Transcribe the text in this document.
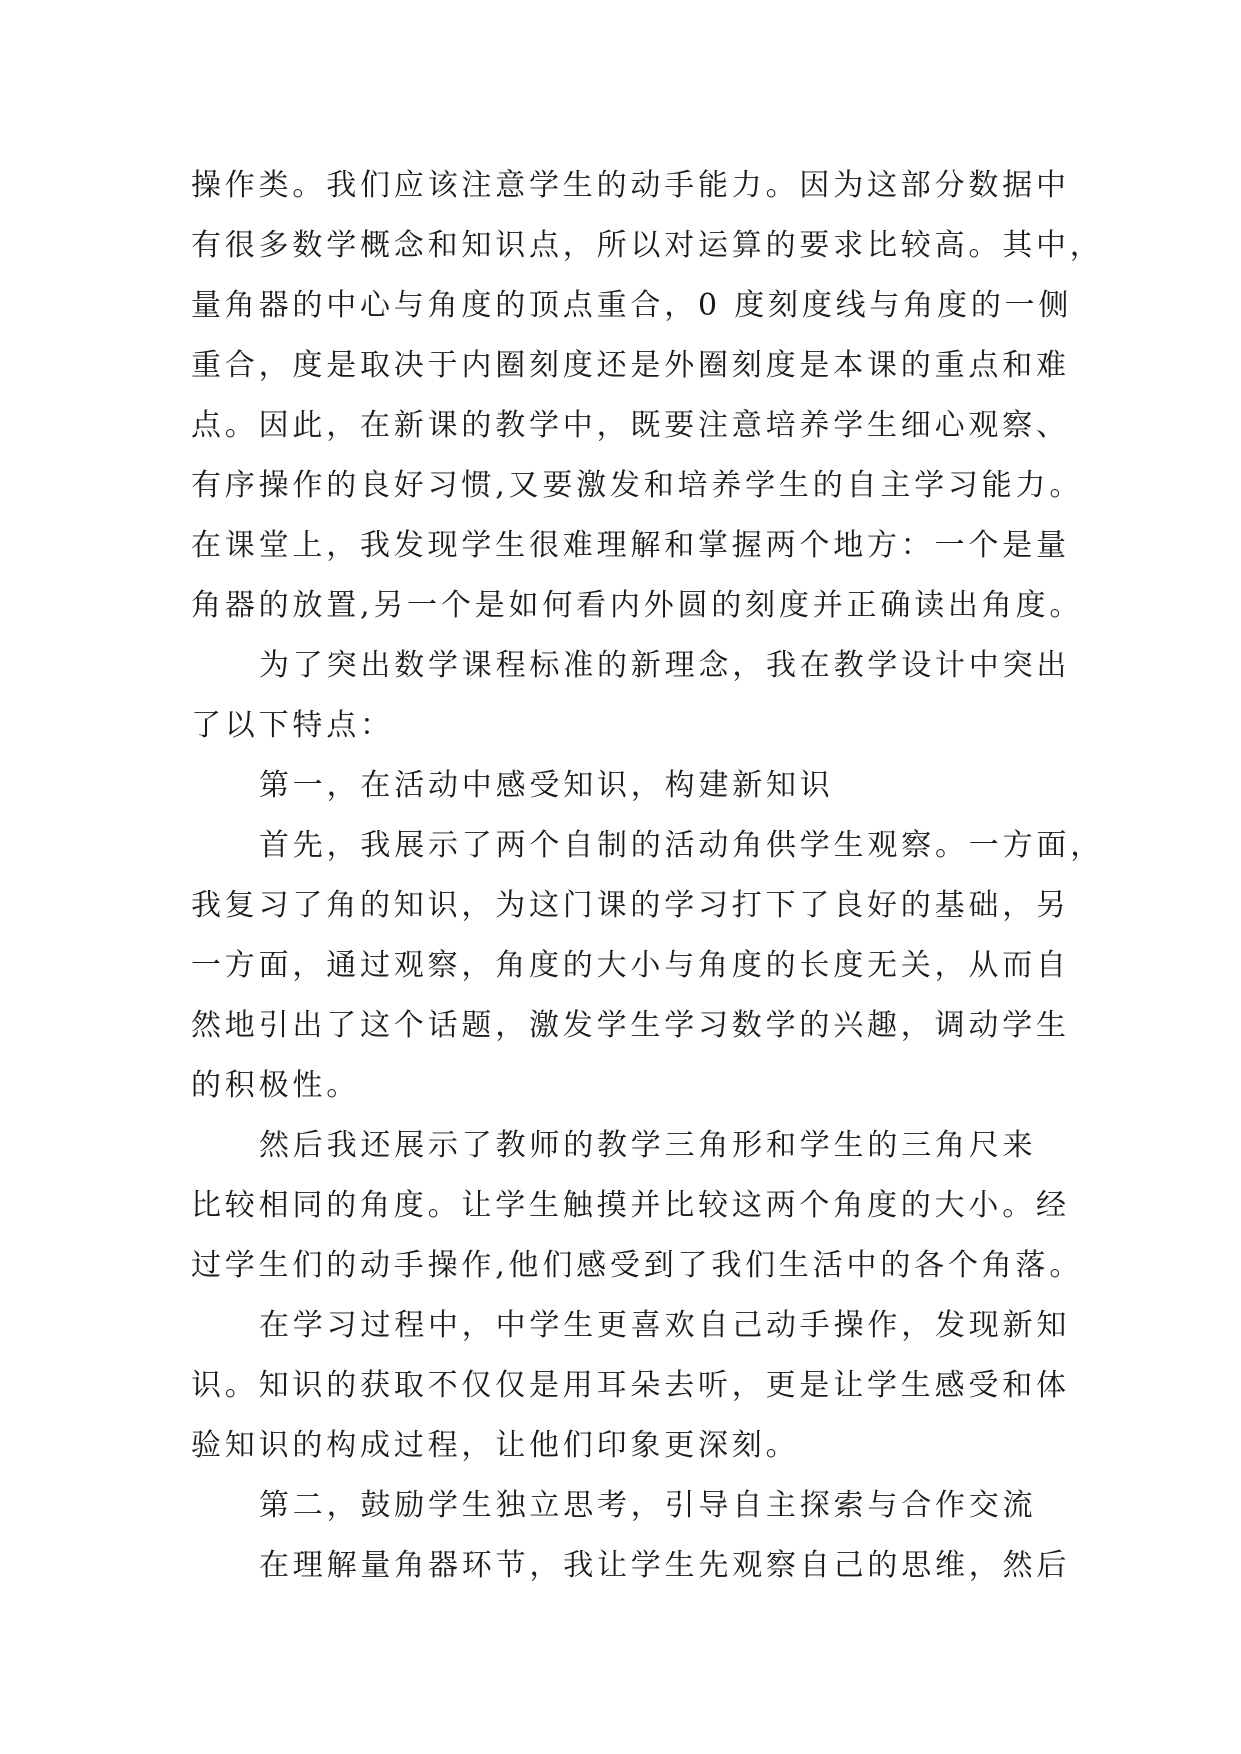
操作类。我们应该注意学生的动手能力。因为这部分数据中
有很多数学概念和知识点，所以对运算的要求比较高。其中，
量角器的中心与角度的顶点重合，0 度刻度线与角度的一侧
重合，度是取决于内圈刻度还是外圈刻度是本课的重点和难
点。因此，在新课的教学中，既要注意培养学生细心观察、
有序操作的良好习惯,又要激发和培养学生的自主学习能力。
在课堂上，我发现学生很难理解和掌握两个地方：一个是量
角器的放置,另一个是如何看内外圆的刻度并正确读出角度。
为了突出数学课程标准的新理念，我在教学设计中突出
了以下特点：
第一，在活动中感受知识，构建新知识
首先，我展示了两个自制的活动角供学生观察。一方面，
我复习了角的知识，为这门课的学习打下了良好的基础，另
一方面，通过观察，角度的大小与角度的长度无关，从而自
然地引出了这个话题，激发学生学习数学的兴趣，调动学生
的积极性。
然后我还展示了教师的教学三角形和学生的三角尺来
比较相同的角度。让学生触摸并比较这两个角度的大小。经
过学生们的动手操作,他们感受到了我们生活中的各个角落。
在学习过程中，中学生更喜欢自己动手操作，发现新知
识。知识的获取不仅仅是用耳朵去听，更是让学生感受和体
验知识的构成过程，让他们印象更深刻。
第二，鼓励学生独立思考，引导自主探索与合作交流
在理解量角器环节，我让学生先观察自己的思维，然后
